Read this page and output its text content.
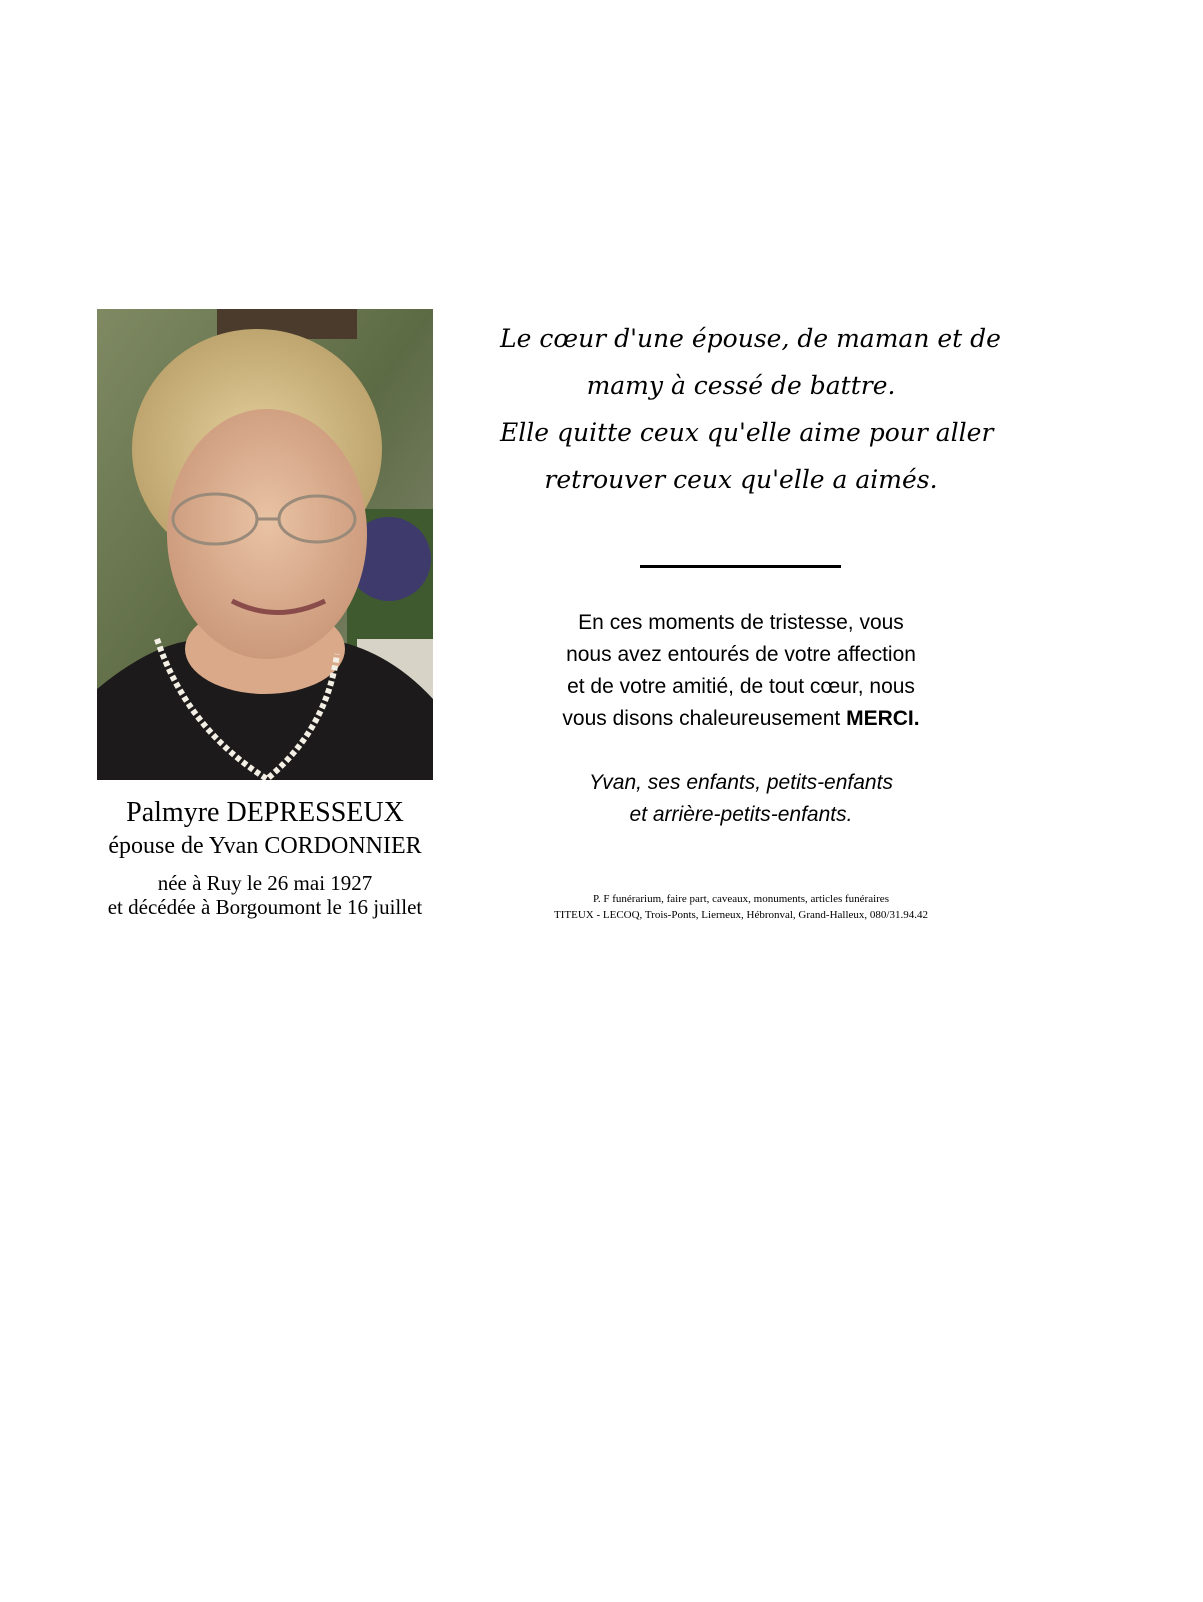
Palmyre DEPRESSEUX
épouse de Yvan CORDONNIER
née à Ruy le 26 mai 1927
et décédée à Borgoumont le 16 juillet
Le cœur d'une épouse, de maman et de
mamy à cessé de battre.
Elle quitte ceux qu'elle aime pour aller
retrouver ceux qu'elle a aimés.
En ces moments de tristesse, vous
nous avez entourés de votre affection
et de votre amitié, de tout cœur, nous
vous disons chaleureusement MERCI.
Yvan, ses enfants, petits-enfants
et arrière-petits-enfants.
P. F funérarium, faire part, caveaux, monuments, articles funéraires
TITEUX - LECOQ, Trois-Ponts, Lierneux, Hébronval, Grand-Halleux, 080/31.94.42
